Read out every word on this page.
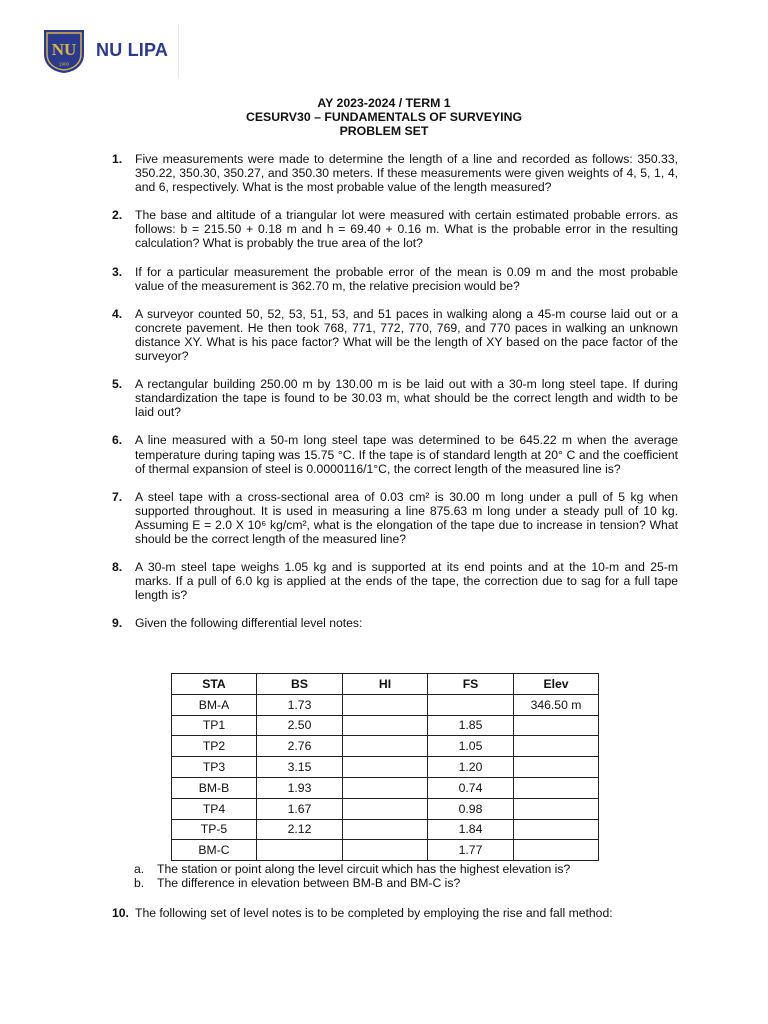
NU
1900
NU LIPA
AY 2023-2024 / TERM 1
CESURV30 – FUNDAMENTALS OF SURVEYING
PROBLEM SET
1. Five measurements were made to determine the length of a line and recorded as follows: 350.33, 350.22, 350.30, 350.27, and 350.30 meters. If these measurements were given weights of 4, 5, 1, 4, and 6, respectively. What is the most probable value of the length measured?
2. The base and altitude of a triangular lot were measured with certain estimated probable errors. as follows: b = 215.50 + 0.18 m and h = 69.40 + 0.16 m. What is the probable error in the resulting calculation? What is probably the true area of the lot?
3. If for a particular measurement the probable error of the mean is 0.09 m and the most probable value of the measurement is 362.70 m, the relative precision would be?
4. A surveyor counted 50, 52, 53, 51, 53, and 51 paces in walking along a 45-m course laid out or a concrete pavement. He then took 768, 771, 772, 770, 769, and 770 paces in walking an unknown distance XY. What is his pace factor? What will be the length of XY based on the pace factor of the surveyor?
5. A rectangular building 250.00 m by 130.00 m is be laid out with a 30-m long steel tape. If during standardization the tape is found to be 30.03 m, what should be the correct length and width to be laid out?
6. A line measured with a 50-m long steel tape was determined to be 645.22 m when the average temperature during taping was 15.75 °C. If the tape is of standard length at 20° C and the coefficient of thermal expansion of steel is 0.0000116/1°C, the correct length of the measured line is?
7. A steel tape with a cross-sectional area of 0.03 cm² is 30.00 m long under a pull of 5 kg when supported throughout. It is used in measuring a line 875.63 m long under a steady pull of 10 kg. Assuming E = 2.0 X 10⁶ kg/cm², what is the elongation of the tape due to increase in tension? What should be the correct length of the measured line?
8. A 30-m steel tape weighs 1.05 kg and is supported at its end points and at the 10-m and 25-m marks. If a pull of 6.0 kg is applied at the ends of the tape, the correction due to sag for a full tape length is?
9. Given the following differential level notes:
STA	BS	HI	FS	Elev
BM-A	1.73			346.50 m
TP1	2.50		1.85	
TP2	2.76		1.05	
TP3	3.15		1.20	
BM-B	1.93		0.74	
TP4	1.67		0.98	
TP-5	2.12		1.84	
BM-C			1.77	
a. The station or point along the level circuit which has the highest elevation is?
b. The difference in elevation between BM-B and BM-C is?
10. The following set of level notes is to be completed by employing the rise and fall method:
